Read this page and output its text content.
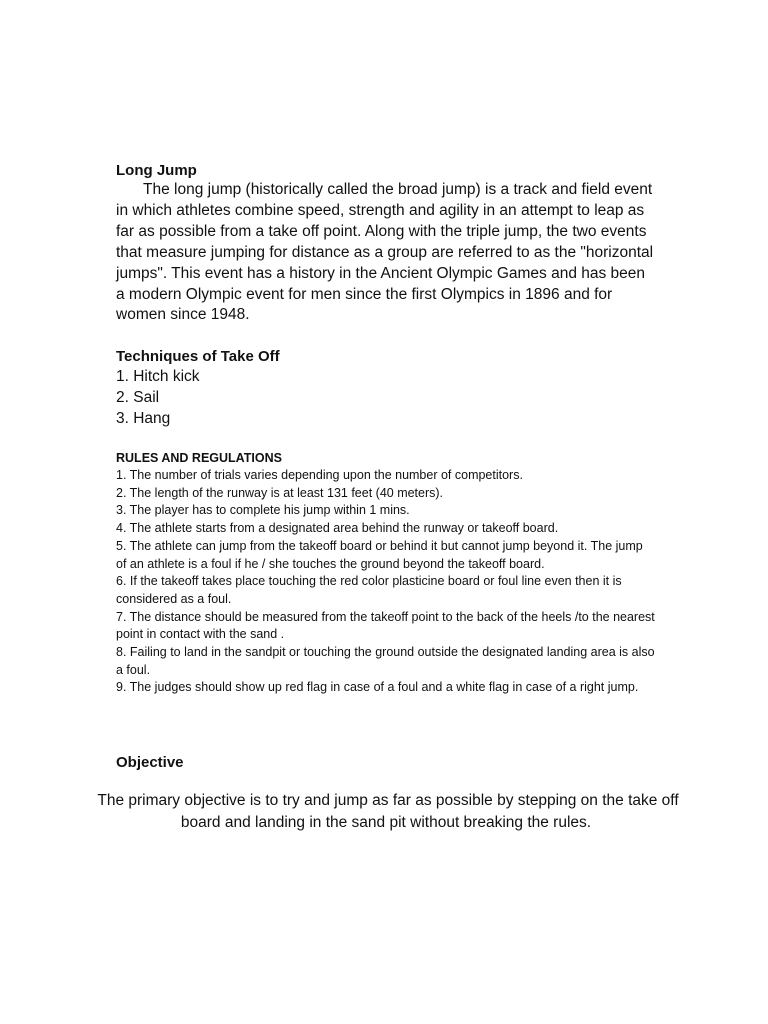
Long Jump
The long jump (historically called the broad jump) is a track and field event in which athletes combine speed, strength and agility in an attempt to leap as far as possible from a take off point. Along with the triple jump, the two events that measure jumping for distance as a group are referred to as the "horizontal jumps". This event has a history in the Ancient Olympic Games and has been a modern Olympic event for men since the first Olympics in 1896 and for women since 1948.
Techniques of Take Off
1. Hitch kick
2. Sail
3. Hang
RULES AND REGULATIONS

1. The number of trials varies depending upon the number of competitors.

2. The length of the runway is at least 131 feet (40 meters).

3. The player has to complete his jump within 1 mins.

4. The athlete starts from a designated area behind the runway or takeoff board.

5. The athlete can jump from the takeoff board or behind it but cannot jump beyond it. The jump of an athlete is a foul if he / she touches the ground beyond the takeoff board.

6. If the takeoff takes place touching the red color plasticine board or foul line even then it is considered as a foul.

7. The distance should be measured from the takeoff point to the back of the heels /to the nearest point in contact with the sand .

8. Failing to land in the sandpit or touching the ground outside the designated landing area is also a foul.

9. The judges should show up red flag in case of a foul and a white flag in case of a right jump.

Objective
The primary objective is to try and jump as far as possible by stepping on the take off board and landing in the sand pit without breaking the rules.
